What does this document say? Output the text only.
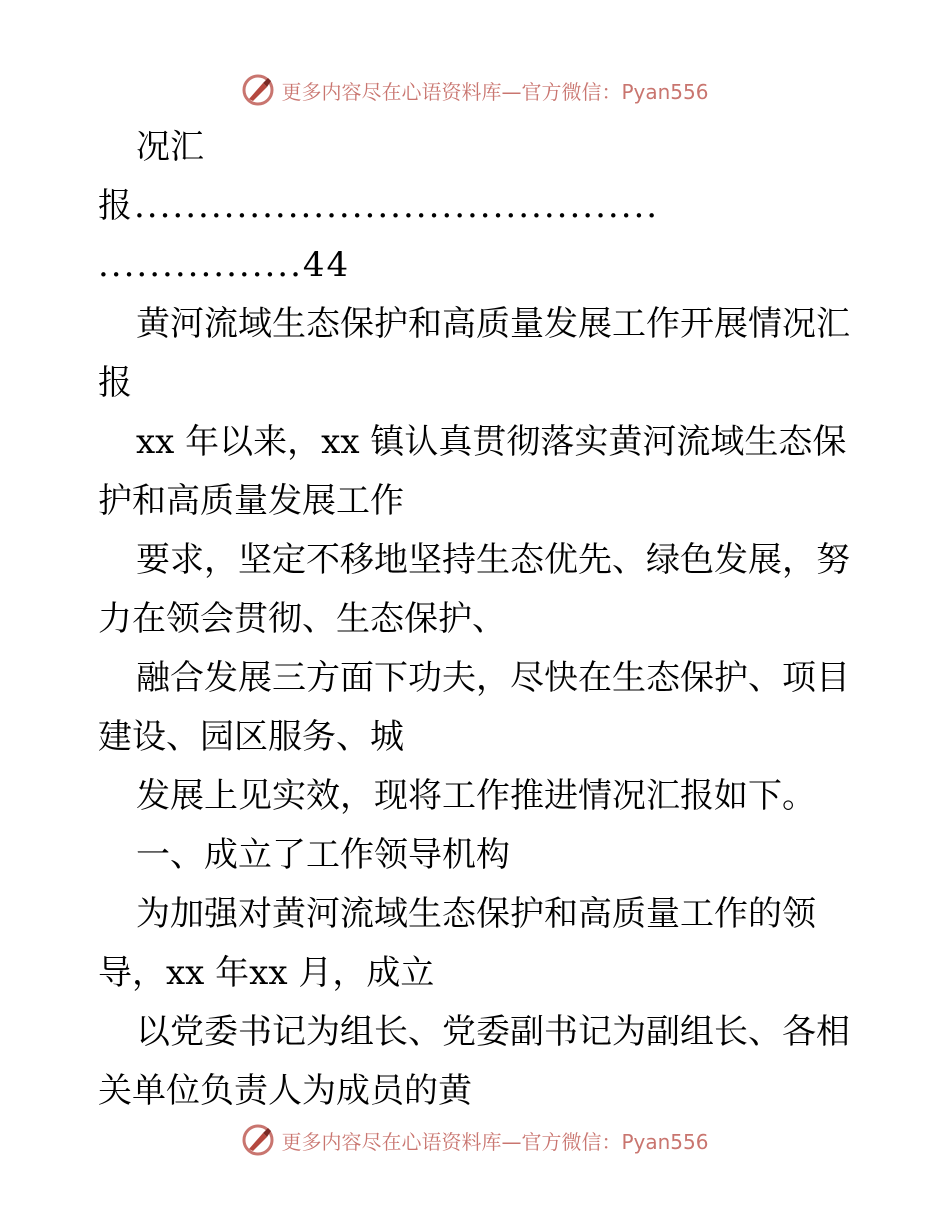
更多内容尽在心语资料库—官方微信：Pyan556
况汇
报.........................................
................44
黄河流域生态保护和高质量发展工作开展情况汇
报
xx 年以来，xx 镇认真贯彻落实黄河流域生态保
护和高质量发展工作
要求，坚定不移地坚持生态优先、绿色发展，努
力在领会贯彻、生态保护、
融合发展三方面下功夫，尽快在生态保护、项目
建设、园区服务、城
发展上见实效，现将工作推进情况汇报如下。
一、成立了工作领导机构
为加强对黄河流域生态保护和高质量工作的领
导，xx 年xx 月，成立
以党委书记为组长、党委副书记为副组长、各相
关单位负责人为成员的黄
更多内容尽在心语资料库—官方微信：Pyan556
